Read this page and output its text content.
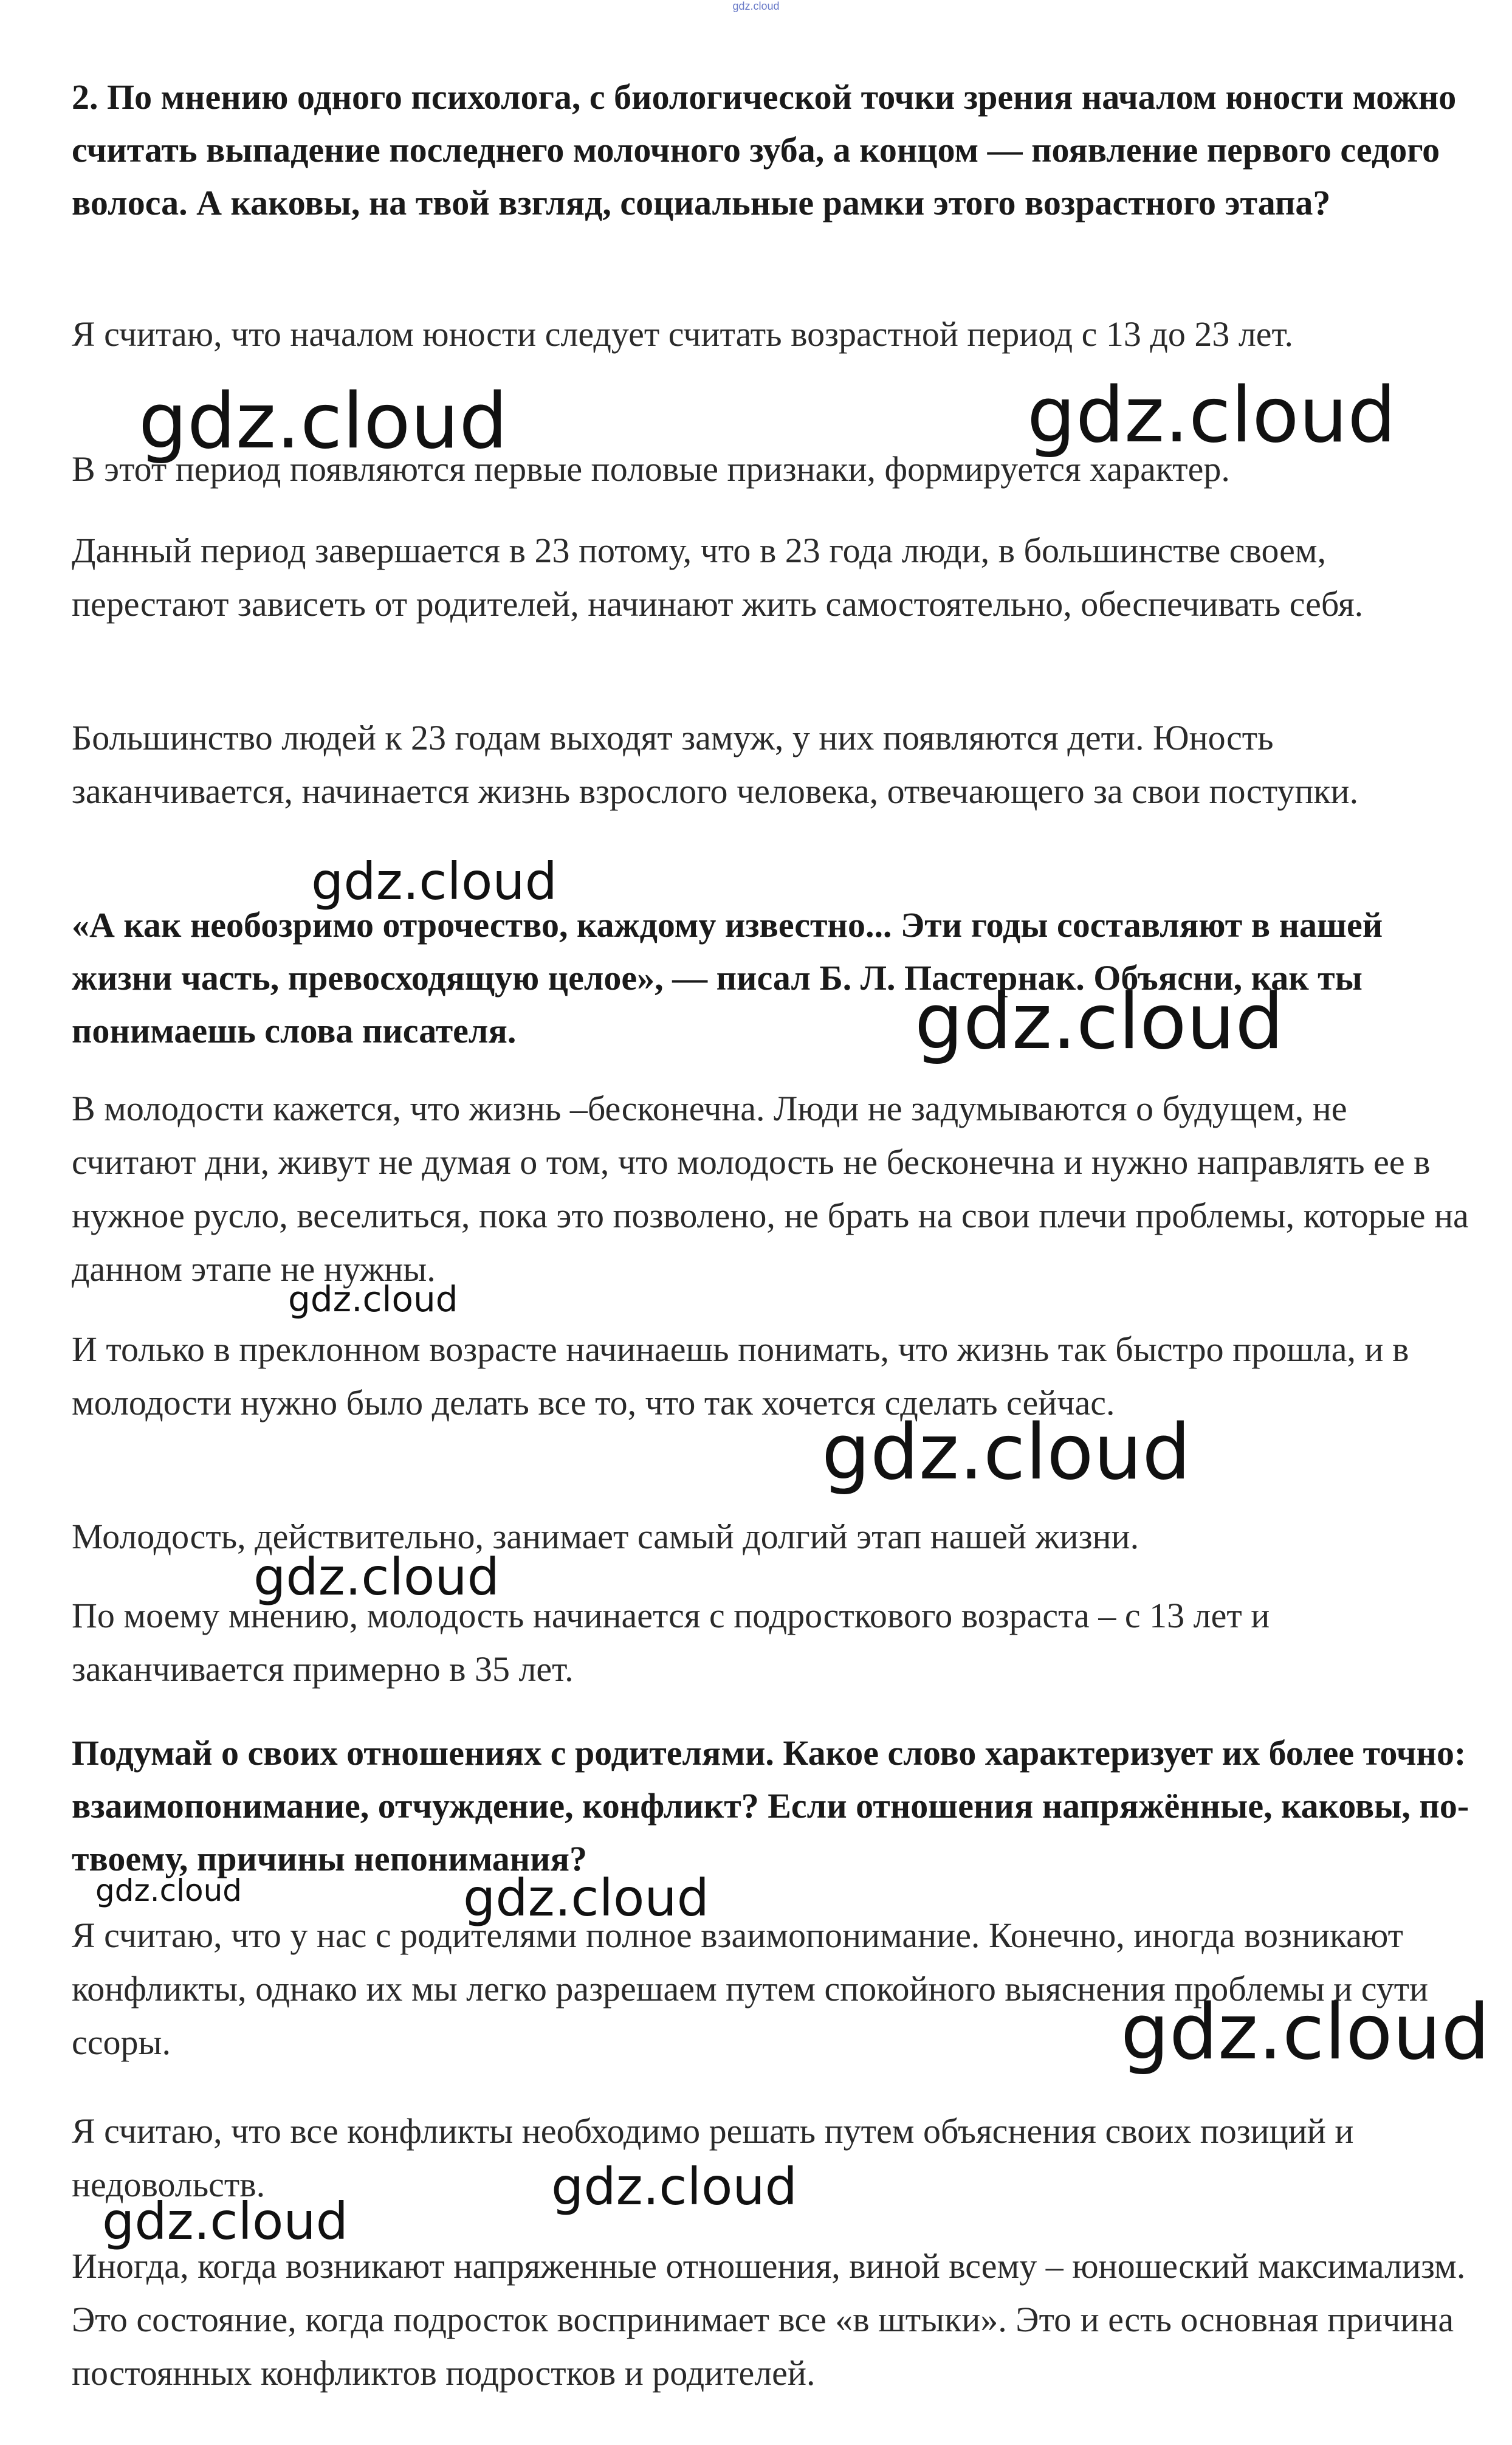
gdz.cloud

2. По мнению одного психолога, с биологической точки зрения началом юности можно считать выпадение последнего молочного зуба, а концом — появление первого седого волоса. А каковы, на твой взгляд, социальные рамки этого возрастного этапа?

Я считаю, что началом юности следует считать возрастной период с 13 до 23 лет.

В этот период появляются первые половые признаки, формируется характер.

Данный период завершается в 23 потому, что в 23 года люди, в большинстве своем, перестают зависеть от родителей, начинают жить самостоятельно, обеспечивать себя.

Большинство людей к 23 годам выходят замуж, у них появляются дети. Юность заканчивается, начинается жизнь взрослого человека, отвечающего за свои поступки.

«А как необозримо отрочество, каждому известно... Эти годы составляют в нашей жизни часть, превосходящую целое», — писал Б. Л. Пастернак. Объясни, как ты понимаешь слова писателя.

В молодости кажется, что жизнь –бесконечна. Люди не задумываются о будущем, не считают дни, живут не думая о том, что молодость не бесконечна и нужно направлять ее в нужное русло, веселиться, пока это позволено, не брать на свои плечи проблемы, которые на данном этапе не нужны.

И только в преклонном возрасте начинаешь понимать, что жизнь так быстро прошла, и в молодости нужно было делать все то, что так хочется сделать сейчас.

Молодость, действительно, занимает самый долгий этап нашей жизни.

По моему мнению, молодость начинается с подросткового возраста – с 13 лет и заканчивается примерно в 35 лет.

Подумай о своих отношениях с родителями. Какое слово характеризует их более точно: взаимопонимание, отчуждение, конфликт? Если отношения напряжённые, каковы, по-твоему, причины непонимания?

Я считаю, что у нас с родителями полное взаимопонимание. Конечно, иногда возникают конфликты, однако их мы легко разрешаем путем спокойного выяснения проблемы и сути ссоры.

Я считаю, что все конфликты необходимо решать путем объяснения своих позиций и недовольств.

Иногда, когда возникают напряженные отношения, виной всему – юношеский максимализм. Это состояние, когда подросток воспринимает все «в штыки». Это и есть основная причина постоянных конфликтов подростков и родителей.

gdz.cloud	gdz.cloud
gdz.cloud
gdz.cloud
gdz.cloud
gdz.cloud
gdz.cloud
gdz.cloud	gdz.cloud
gdz.cloud
gdz.cloud
gdz.cloud
